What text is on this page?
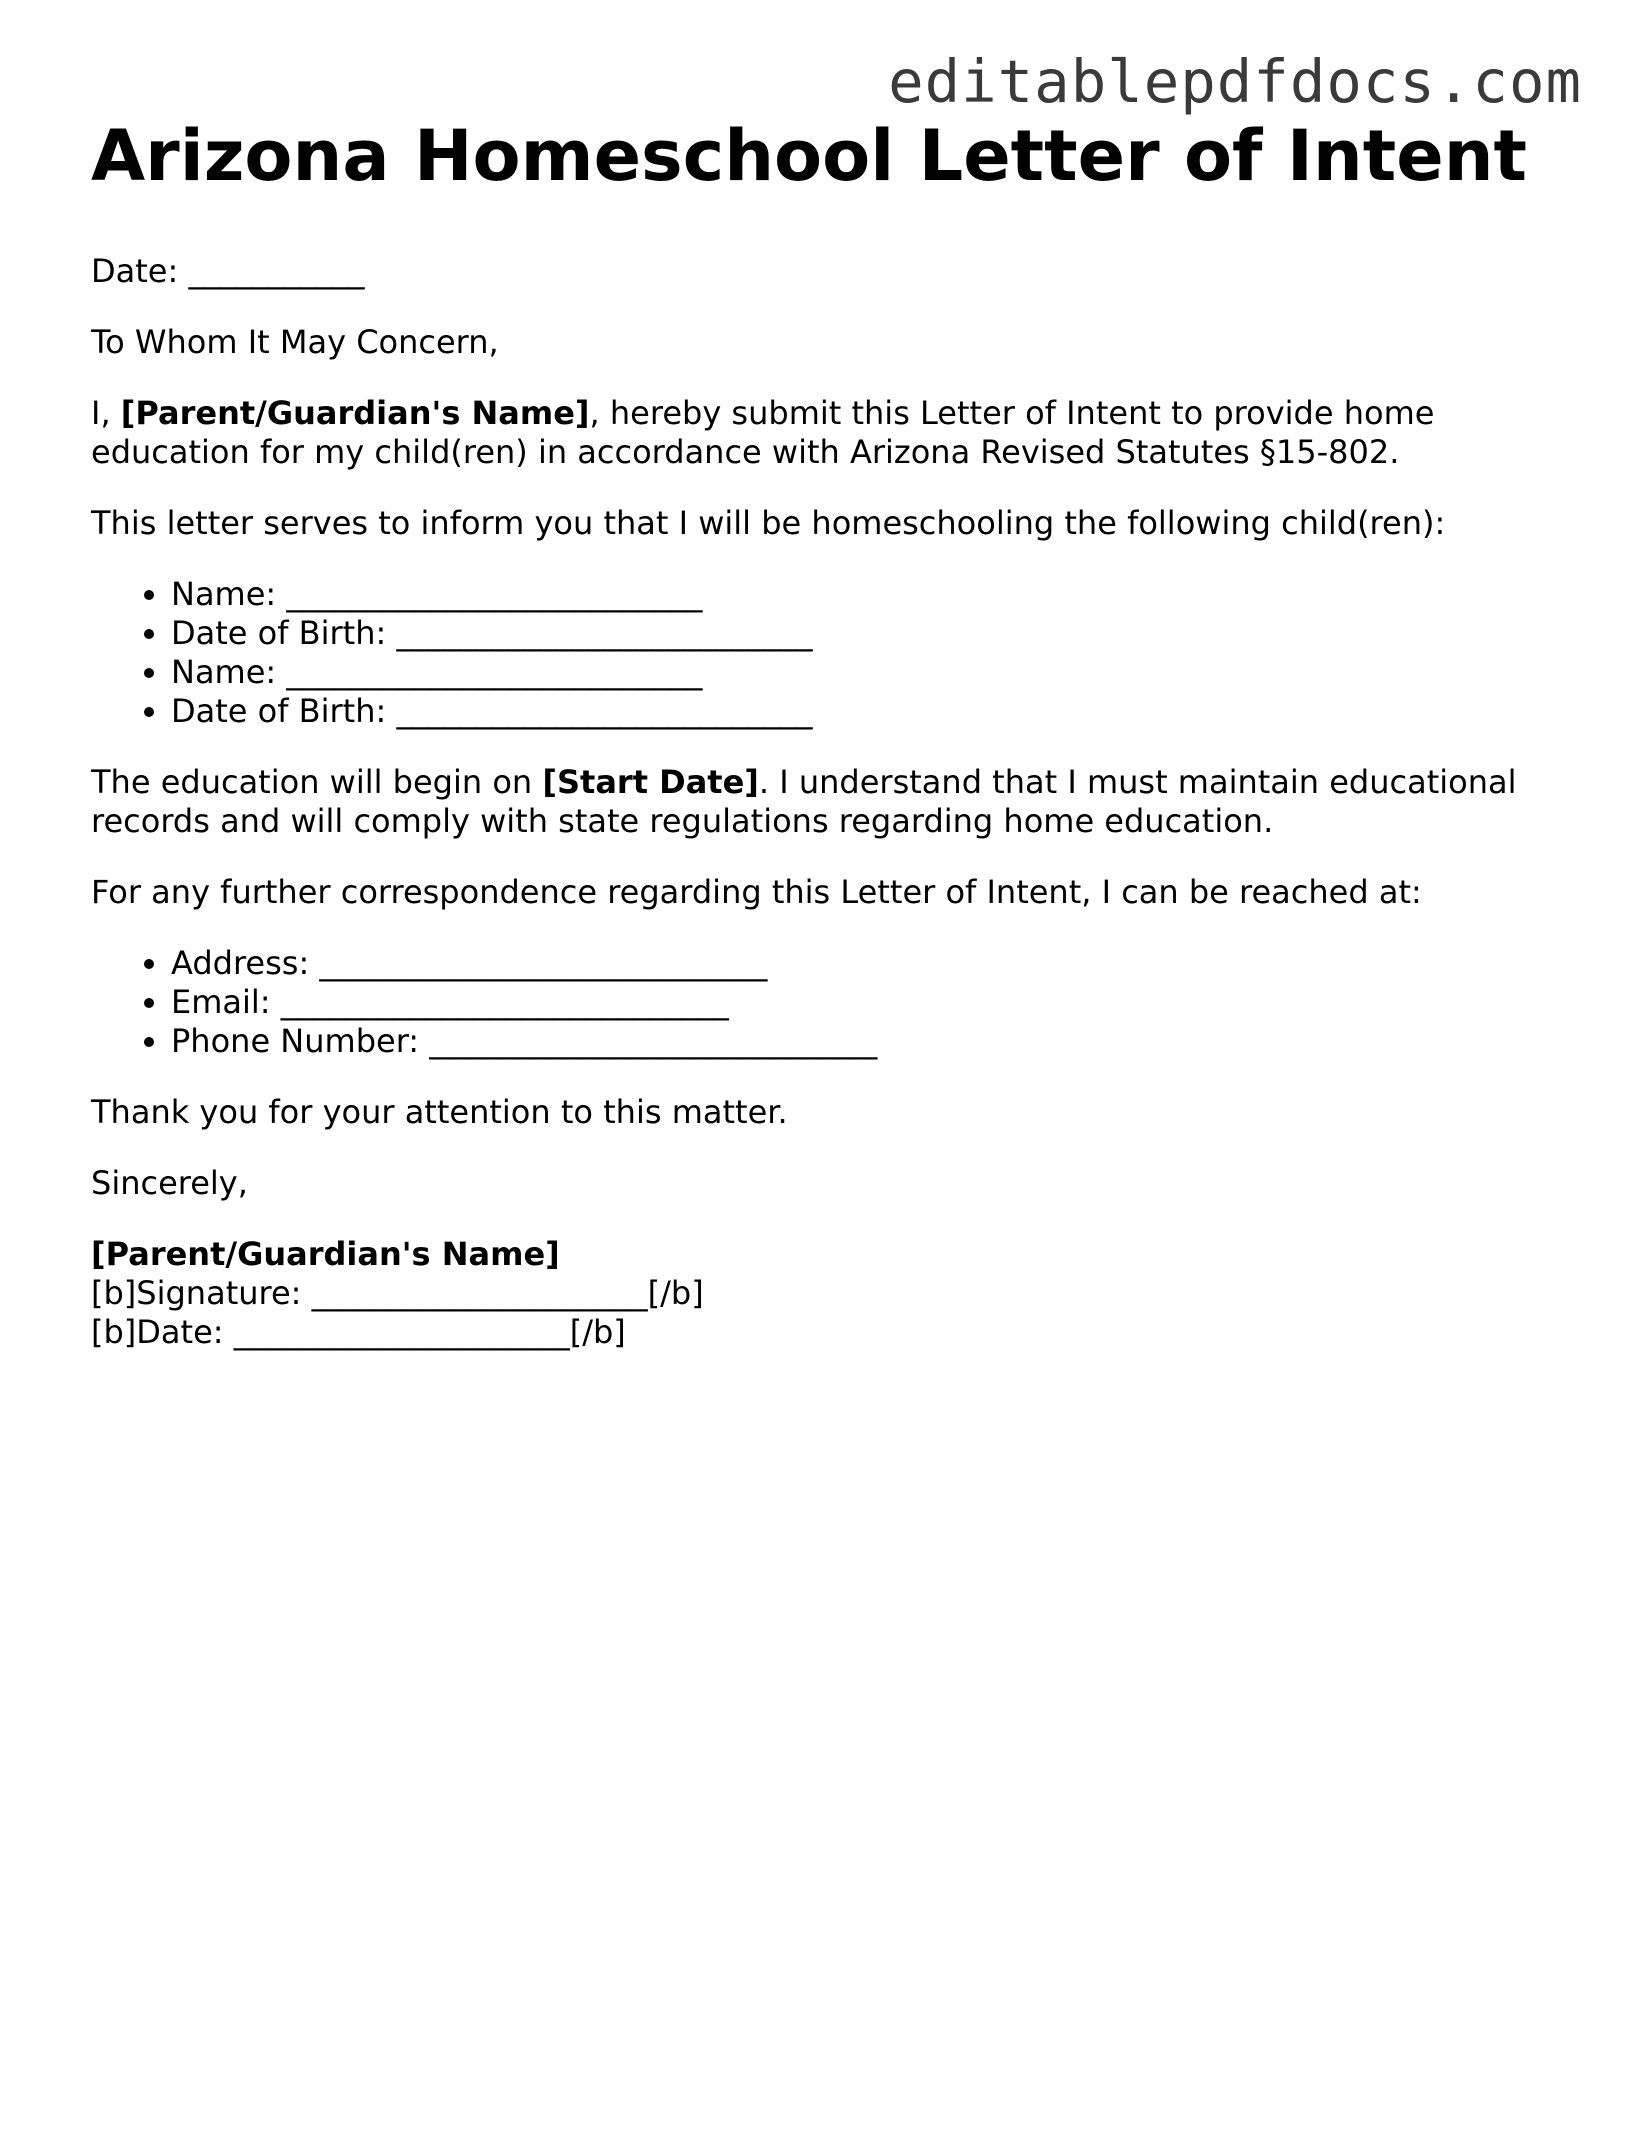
editablepdfdocs.com
Arizona Homeschool Letter of Intent

Date: ___________

To Whom It May Concern,

I, [Parent/Guardian's Name], hereby submit this Letter of Intent to provide home education for my child(ren) in accordance with Arizona Revised Statutes §15-802.

This letter serves to inform you that I will be homeschooling the following child(ren):

• Name: __________________________
• Date of Birth: __________________________
• Name: __________________________
• Date of Birth: __________________________

The education will begin on [Start Date]. I understand that I must maintain educational records and will comply with state regulations regarding home education.

For any further correspondence regarding this Letter of Intent, I can be reached at:

• Address: ____________________________
• Email: ____________________________
• Phone Number: ____________________________

Thank you for your attention to this matter.

Sincerely,

[Parent/Guardian's Name]
[b]Signature: _____________________[/b]
[b]Date: _____________________[/b]
